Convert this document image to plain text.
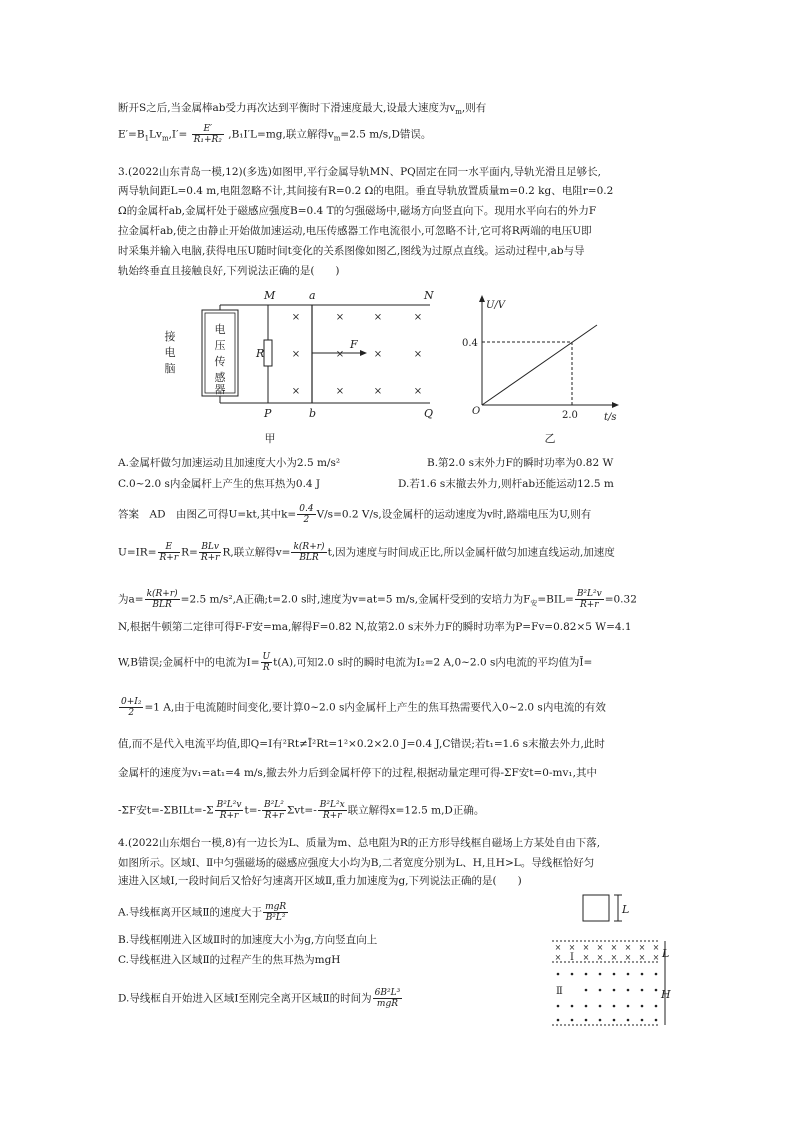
断开S之后,当金属棒ab受力再次达到平衡时下滑速度最大,设最大速度为$v_m$,则有
$E'=B_1Lv_m,I'= \frac{E'}{\text{R₁+R₂}} ,B_1I'L=mg$,联立解得$v_m=2.5$ m/s,D错误。
3.(2022山东青岛一模,12)(多选)如图甲,平行金属导轨MN、PQ固定在同一水平面内,导轨光滑且足够长,
两导轨间距L=0.4 m,电阻忽略不计,其间接有R=0.2 Ω的电阻。垂直导轨放置质量m=0.2 kg、电阻r=0.2
Ω的金属杆ab,金属杆处于磁感应强度B=0.4 T的匀强磁场中,磁场方向竖直向下。现用水平向右的外力F
拉金属杆ab,使之由静止开始做加速运动,电压传感器工作电流很小,可忽略不计,它可将R两端的电压U即
时采集并输入电脑,获得电压U随时间t变化的关系图像如图乙,图线为过原点直线。运动过程中,ab与导
轨始终垂直且接触良好,下列说法正确的是(　　)
电
压
传
感
器
接
电
脑
R
M	a	N
P	b	Q
×	×	×	×
×	×	×	×
×	×	×	×
F
甲
U/V
t/s
O
0.4
2.0
乙
A.金属杆做匀加速运动且加速度大小为2.5 m/s²	B.第2.0 s末外力F的瞬时功率为0.82 W
C.0~2.0 s内金属杆上产生的焦耳热为0.4 J	D.若1.6 s末撤去外力,则杆ab还能运动12.5 m
答案　AD　由图乙可得U=kt,其中$k= \frac{0.4}{2} V/s=0.2$ V/s,设金属杆的运动速度为v时,路端电压为U,则有
$U=IR= \frac{E}{R+r} R= \frac{\text{BLv}}{R+r} R$,联立解得$v= \frac{k(R+r)}{\text{BLR}} t$,因为速度与时间成正比,所以金属杆做匀加速直线运动,加速度
为$a= \frac{k(R+r)}{\text{BLR}} =2.5$ m/s²,A正确;t=2.0 s时,速度为v=at=5 m/s,金属杆受到的安培力为$F_安=BIL= \frac{\text{B²L²v}}{R+r} =0.32$
N,根据牛顿第二定律可得F-F安=ma,解得F=0.82 N,故第2.0 s末外力F的瞬时功率为P=Fv=0.82×5 W=4.1
W,B错误;金属杆中的电流为$I= \frac{U}{R} t(A)$,可知2.0 s时的瞬时电流为I₂=2 A,0~2.0 s内电流的平均值为Ī=
$\frac{\text{0+I₂}}{2} =1$ A,由于电流随时间变化,要计算0~2.0 s内金属杆上产生的焦耳热需要代入0~2.0 s内电流的有效
值,而不是代入电流平均值,即Q=I有²Rt≠Ī²Rt=1²×0.2×2.0 J=0.4 J,C错误;若t₁=1.6 s末撤去外力,此时
金属杆的速度为v₁=at₁=4 m/s,撤去外力后到金属杆停下的过程,根据动量定理可得-ΣF安t=0-mv₁,其中
-ΣF安t=-ΣBILt=-Σ $\frac{\text{B²L²v}}{R+r} t=- \frac{\text{B²L²}}{R+r} \Sigma vt=- \frac{\text{B²L²x}}{R+r}$ 联立解得x=12.5 m,D正确。
4.(2022山东烟台一模,8)有一边长为L、质量为m、总电阻为R的正方形导线框自磁场上方某处自由下落,
如图所示。区域Ⅰ、Ⅱ中匀强磁场的磁感应强度大小均为B,二者宽度分别为L、H,且H>L。导线框恰好匀
速进入区域Ⅰ,一段时间后又恰好匀速离开区域Ⅱ,重力加速度为g,下列说法正确的是(　　)
A.导线框离开区域Ⅱ的速度大于 $\frac{\text{mgR}}{\text{B²L²}}$
B.导线框刚进入区域Ⅱ时的加速度大小为g,方向竖直向上
C.导线框进入区域Ⅱ的过程产生的焦耳热为mgH
D.导线框自开始进入区域Ⅰ至刚完全离开区域Ⅱ的时间为 $\frac{\text{6B²L³}}{\text{mgR}}$
L
× × × × × × × ×
×	× × × × × ×
Ⅰ
Ⅱ
L
H
